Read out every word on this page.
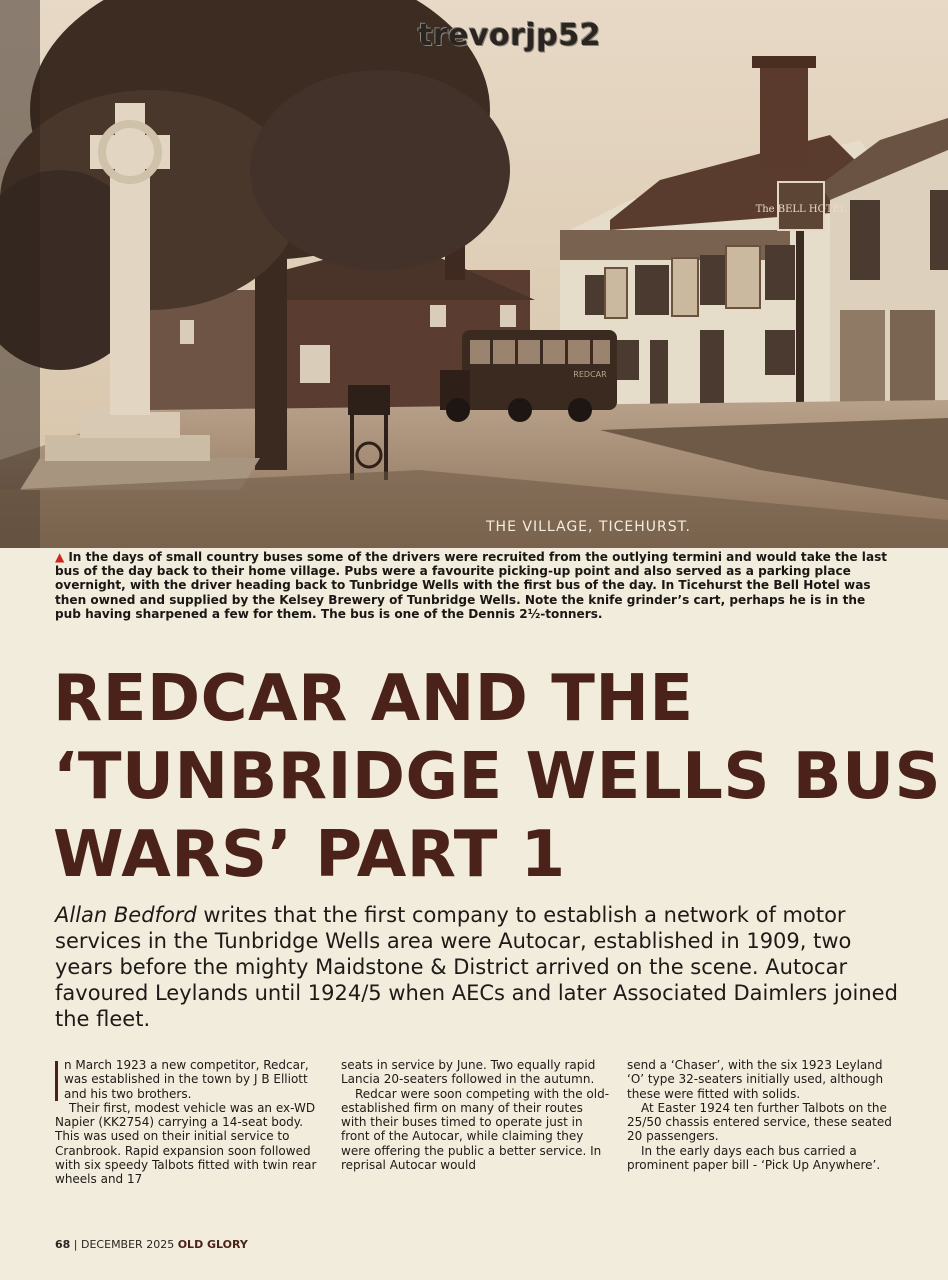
The BELL HOTEL
REDCAR
trevorjp52
THE VILLAGE, TICEHURST.

▲ In the days of small country buses some of the drivers were recruited from the outlying termini and would take the last bus of the day back to their home village. Pubs were a favourite picking-up point and also served as a parking place overnight, with the driver heading back to Tunbridge Wells with the first bus of the day. In Ticehurst the Bell Hotel was then owned and supplied by the Kelsey Brewery of Tunbridge Wells. Note the knife grinder’s cart, perhaps he is in the pub having sharpened a few for them. The bus is one of the Dennis 2½-tonners.

REDCAR AND THE
‘TUNBRIDGE WELLS BUS
WARS’ PART 1

Allan Bedford writes that the first company to establish a network of motor services in the Tunbridge Wells area were Autocar, established in 1909, two years before the mighty Maidstone & District arrived on the scene. Autocar favoured Leylands until 1924/5 when AECs and later Associated Daimlers joined the fleet.

n March 1923 a new competitor, Redcar, was established in the town by J B Elliott and his two brothers.

Their first, modest vehicle was an ex-WD Napier (KK2754) carrying a 14-seat body. This was used on their initial service to Cranbrook. Rapid expansion soon followed with six speedy Talbots fitted with twin rear wheels and 17

seats in service by June. Two equally rapid Lancia 20-seaters followed in the autumn.

Redcar were soon competing with the old-established firm on many of their routes with their buses timed to operate just in front of the Autocar, while claiming they were offering the public a better service. In reprisal Autocar would

send a ‘Chaser’, with the six 1923 Leyland ‘O’ type 32-seaters initially used, although these were fitted with solids.

At Easter 1924 ten further Talbots on the 25/50 chassis entered service, these seated 20 passengers.

In the early days each bus carried a prominent paper bill - ‘Pick Up Anywhere’.

68 | DECEMBER 2025 OLD GLORY
